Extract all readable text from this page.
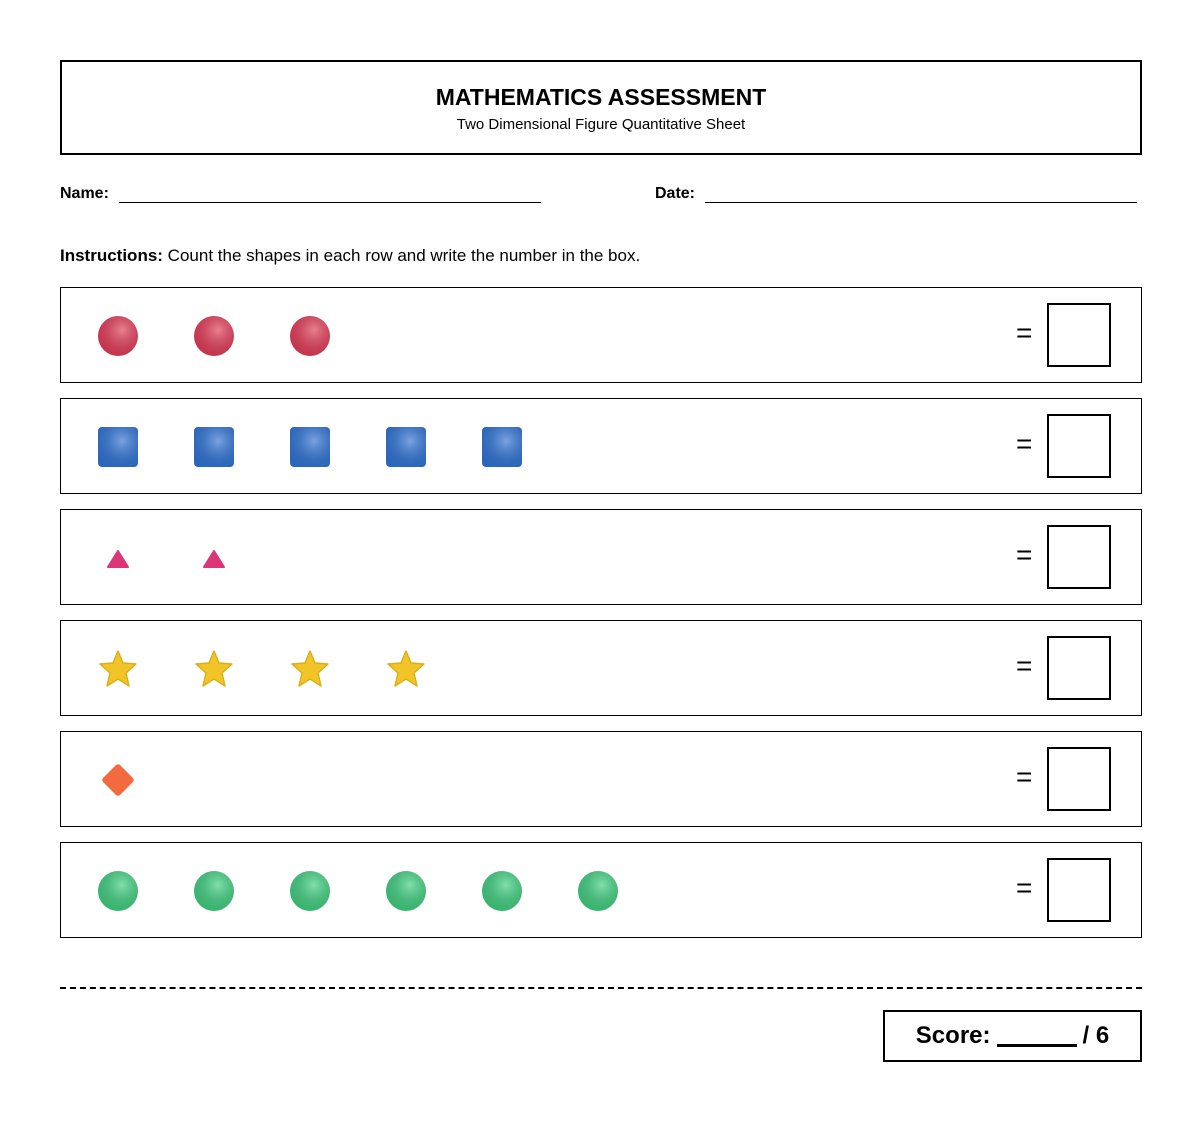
MATHEMATICS ASSESSMENT
Two Dimensional Figure Quantitative Sheet
Name:	Date:
Instructions: Count the shapes in each row and write the number in the box.
=
=
=
=
=
=
Score:	/ 6
